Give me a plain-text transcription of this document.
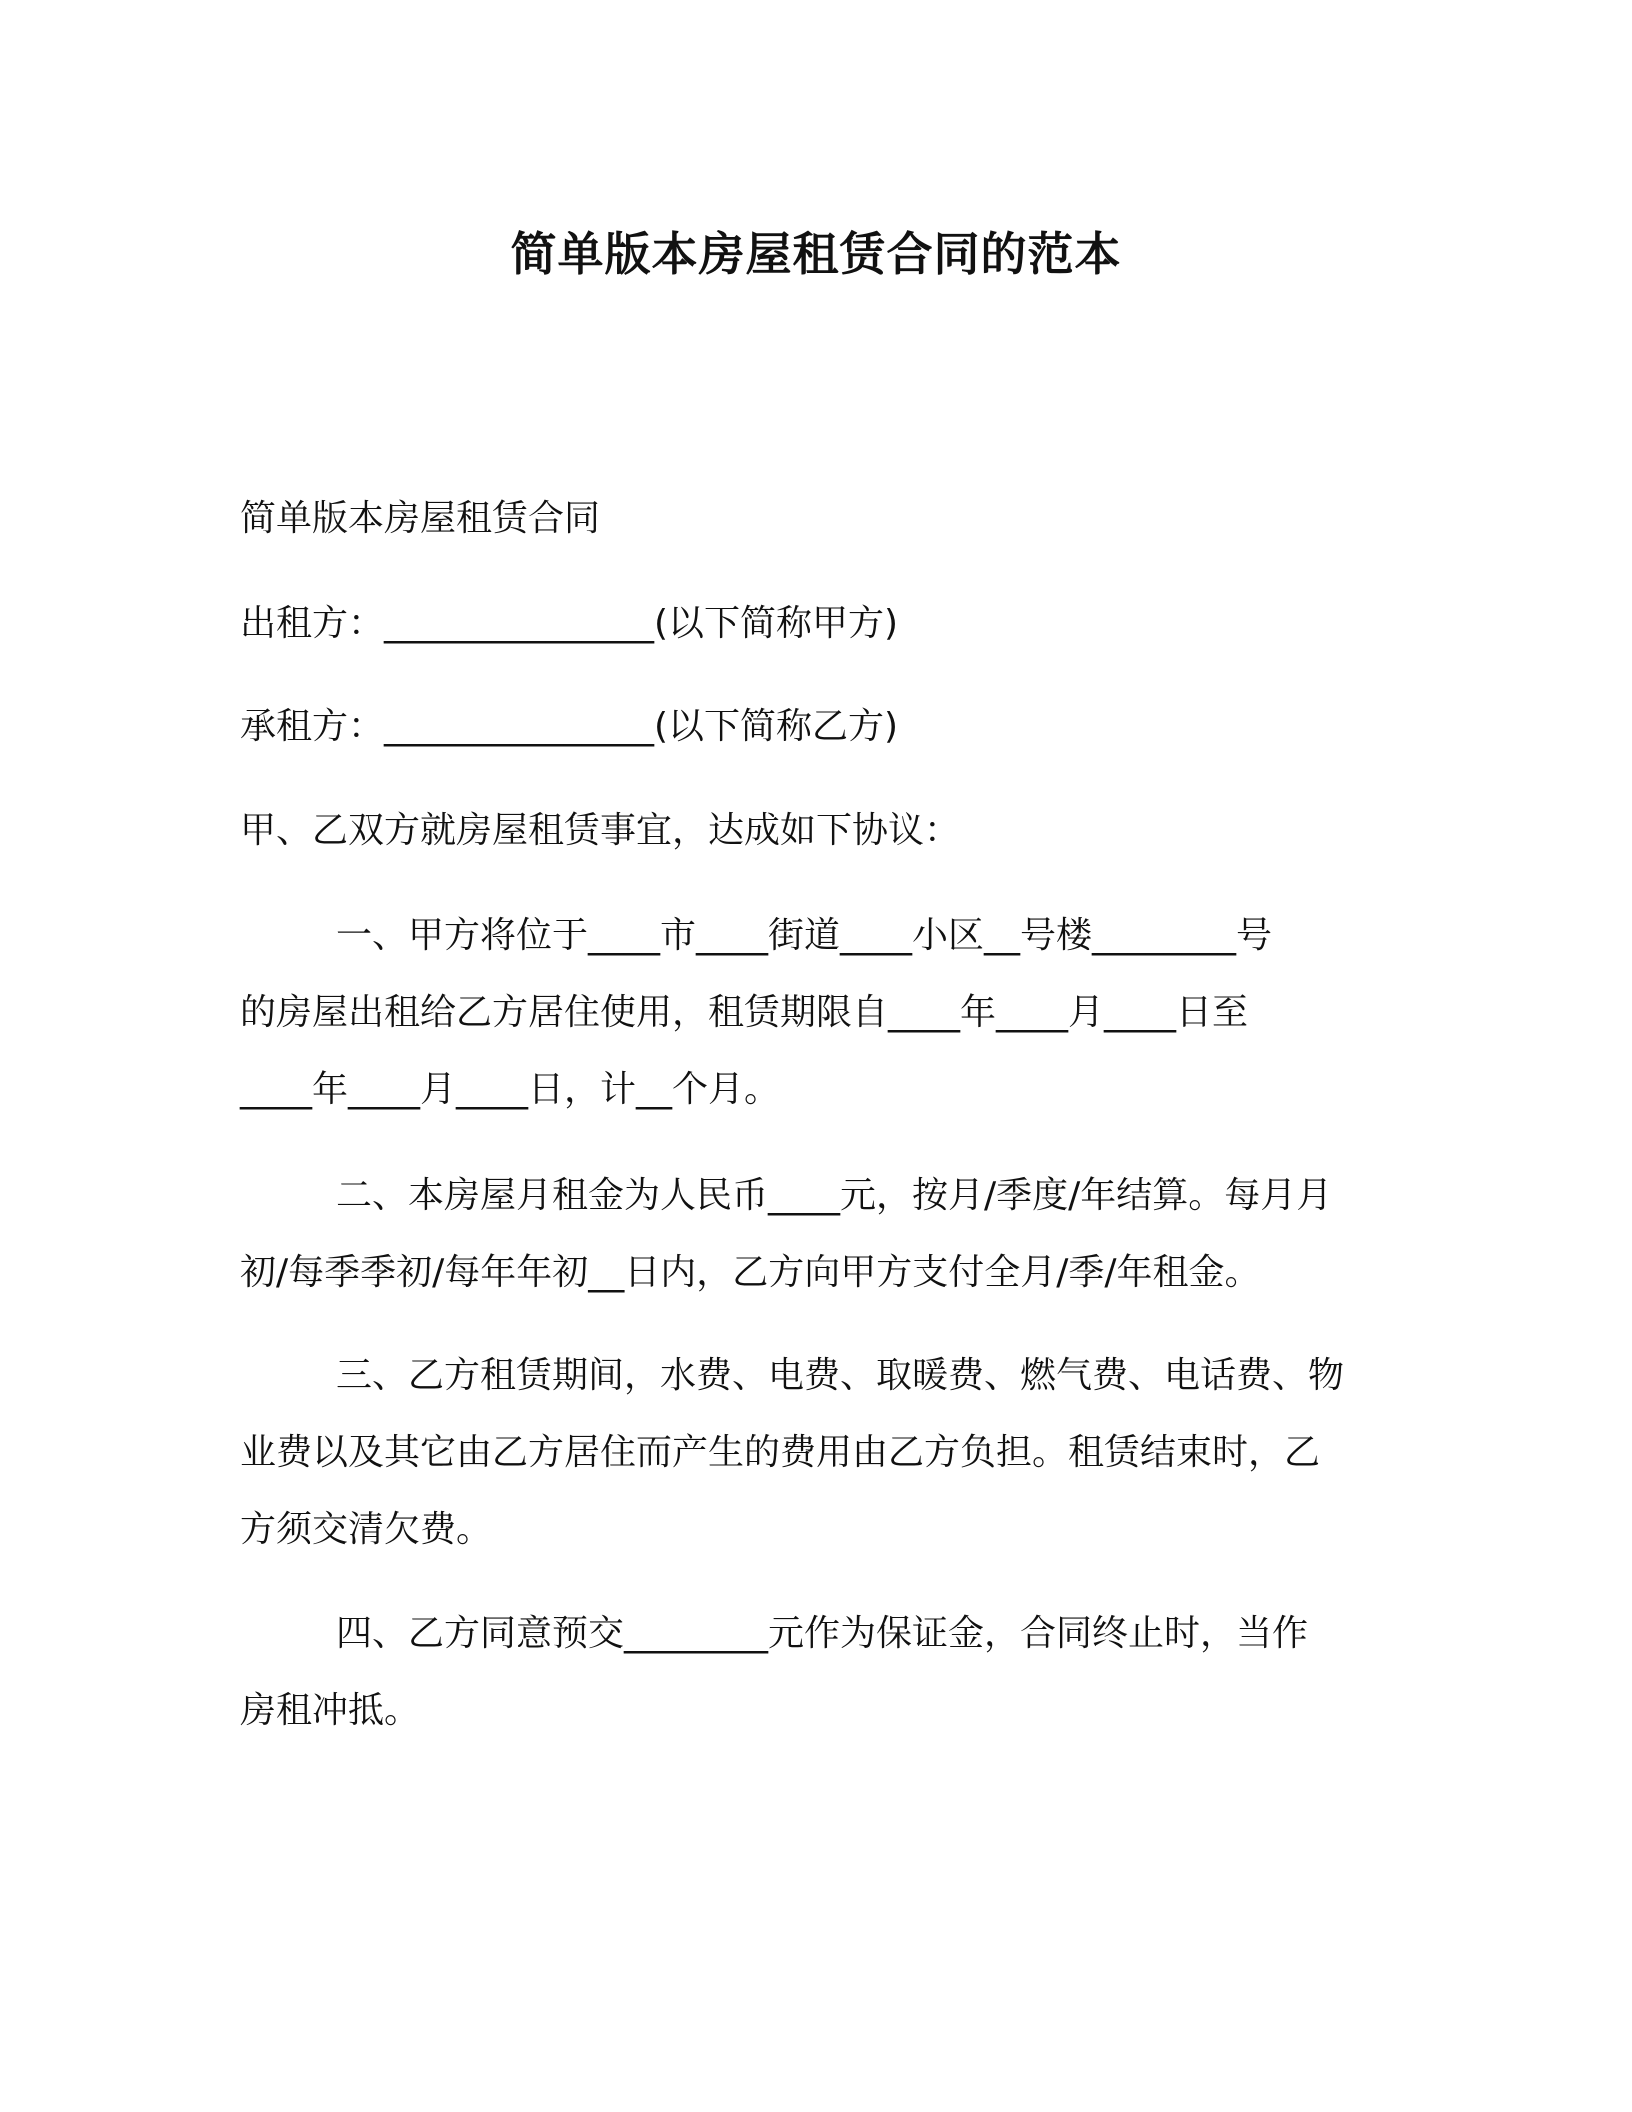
简单版本房屋租赁合同的范本

简单版本房屋租赁合同

出租方：_______________(以下简称甲方)

承租方：_______________(以下简称乙方)

甲、乙双方就房屋租赁事宜，达成如下协议：

一、甲方将位于____市____街道____小区__号楼________号
的房屋出租给乙方居住使用，租赁期限自____年____月____日至
____年____月____日，计__个月。
二、本房屋月租金为人民币____元，按月/季度/年结算。每月月
初/每季季初/每年年初__日内，乙方向甲方支付全月/季/年租金。
三、乙方租赁期间，水费、电费、取暖费、燃气费、电话费、物
业费以及其它由乙方居住而产生的费用由乙方负担。租赁结束时，乙
方须交清欠费。
四、乙方同意预交________元作为保证金，合同终止时，当作
房租冲抵。
